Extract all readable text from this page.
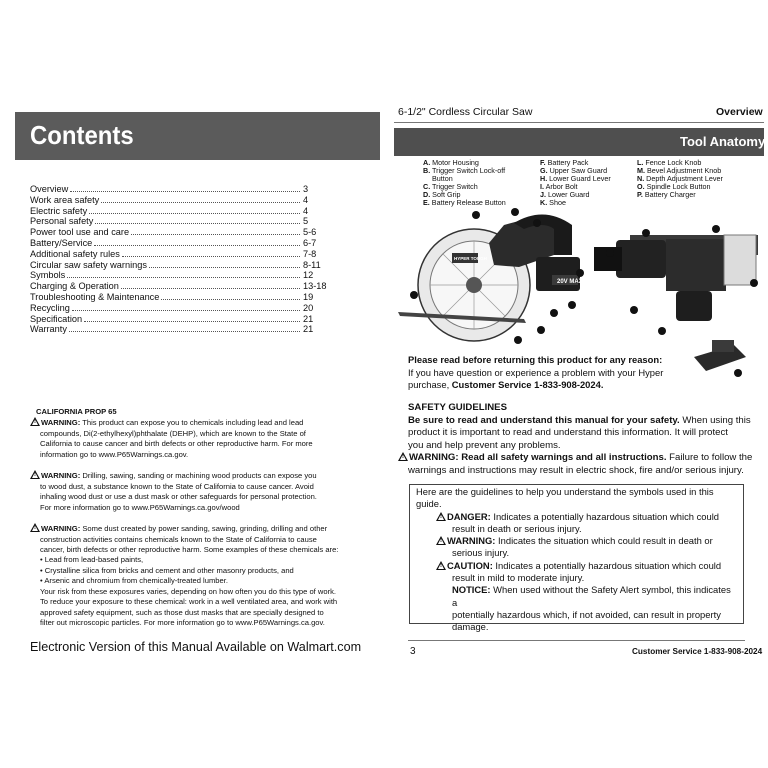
Contents
Overview	3
Work area safety	4
Electric safety	4
Personal safety	5
Power tool use and care	5-6
Battery/Service	6-7
Additional safety rules	7-8
Circular saw safety warnings	8-11
Symbols	12
Charging & Operation	13-18
Troubleshooting & Maintenance	19
Recycling	20
Specification	21
Warranty	21

CALIFORNIA PROP 65
! WARNING: This product can expose you to chemicals including lead and lead
compounds, Di(2-ethylhexyl)phthalate (DEHP), which are known to the State of
California to cause cancer and birth defects or other reproductive harm. For more
information go to www.P65Warnings.ca.gov.

! WARNING: Drilling, sawing, sanding or machining wood products can expose you
to wood dust, a substance known to the State of California to cause cancer. Avoid
inhaling wood dust or use a dust mask or other safeguards for personal protection.
For more information go to www.P65Warnings.ca.gov/wood

! WARNING: Some dust created by power sanding, sawing, grinding, drilling and other
construction activities contains chemicals known to the State of California to cause
cancer, birth defects or other reproductive harm. Some examples of these chemicals are:
• Lead from lead-based paints,
• Crystalline silica from bricks and cement and other masonry products, and
• Arsenic and chromium from chemically-treated lumber.
Your risk from these exposures varies, depending on how often you do this type of work.
To reduce your exposure to these chemical: work in a well ventilated area, and work with
approved safety equipment, such as those dust masks that are specially designed to
filter out microscopic particles. For more information go to www.P65Warnings.ca.gov.

Electronic Version of this Manual Available on Walmart.com
6-1/2" Cordless Circular Saw	Overview
Tool Anatomy
A. Motor Housing
B. Trigger Switch Lock-off
Button
C. Trigger Switch
D. Soft Grip
E. Battery Release Button
F. Battery Pack
G. Upper Saw Guard
H. Lower Guard Lever
I. Arbor Bolt
J. Lower Guard
K. Shoe
L. Fence Lock Knob
M. Bevel Adjustment Knob
N. Depth Adjustment Lever
O. Spindle Lock Button
P. Battery Charger
20V MAX
HYPER TOUGH
Please read before returning this product for any reason:
If you have question or experience a problem with your Hyper
purchase, Customer Service 1-833-908-2024.
SAFETY GUIDELINES
Be sure to read and understand this manual for your safety. When using this
product it is important to read and understand this information. It will protect
you and help prevent any problems.
! WARNING: Read all safety warnings and all instructions. Failure to follow the
warnings and instructions may result in electric shock, fire and/or serious injury.
Here are the guidelines to help you understand the symbols used in this
guide.
! DANGER: Indicates a potentially hazardous situation which could
result in death or serious injury.
! WARNING: Indicates the situation which could result in death or
serious injury.
! CAUTION: Indicates a potentially hazardous situation which could
result in mild to moderate injury.
NOTICE: When used without the Safety Alert symbol, this indicates a
potentially hazardous which, if not avoided, can result in property
damage.
3	Customer Service 1-833-908-2024
